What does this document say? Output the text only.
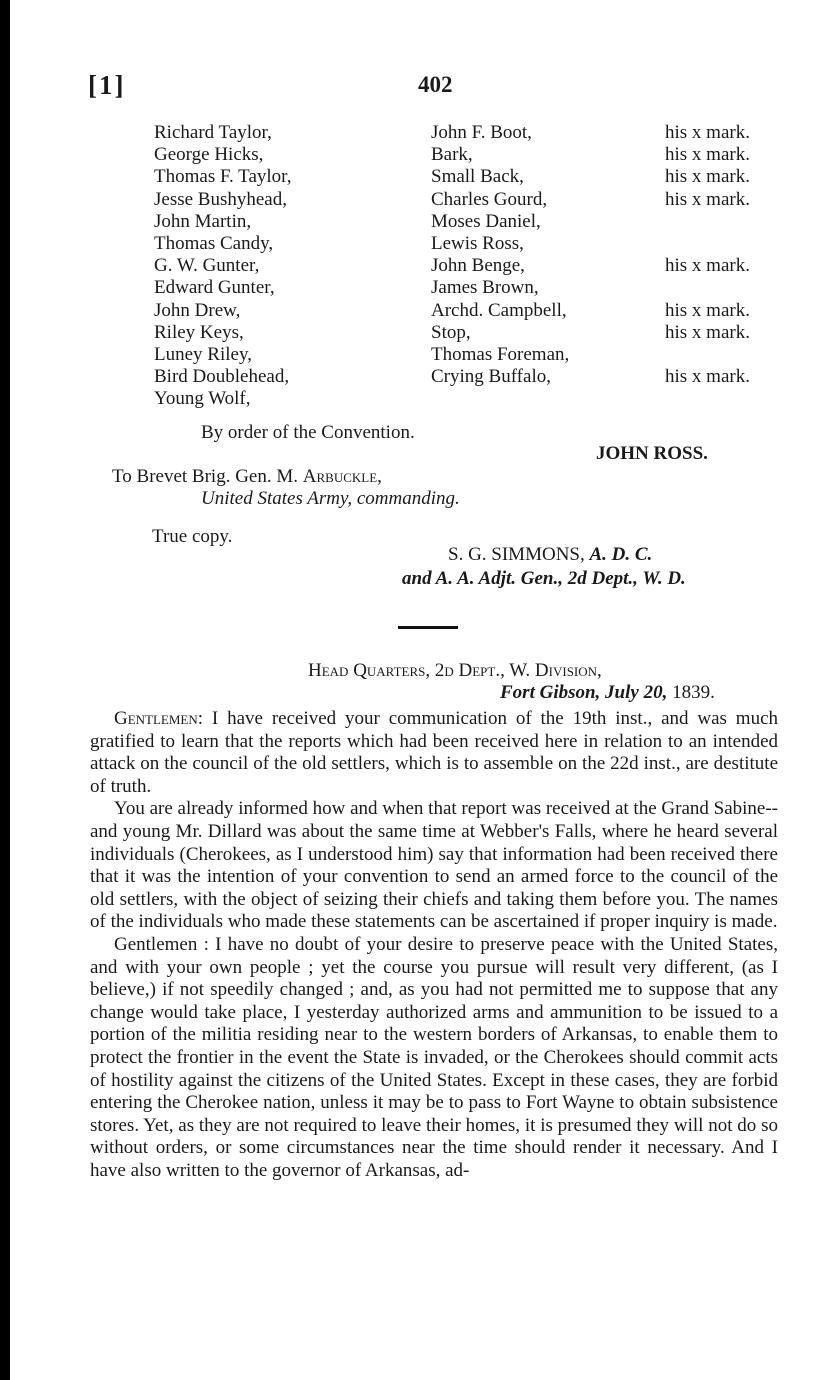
[1]	402
Richard Taylor,	John F. Boot,	his x mark.
George Hicks,	Bark,	his x mark.
Thomas F. Taylor,	Small Back,	his x mark.
Jesse Bushyhead,	Charles Gourd,	his x mark.
John Martin,	Moses Daniel,
Thomas Candy,	Lewis Ross,
G. W. Gunter,	John Benge,	his x mark.
Edward Gunter,	James Brown,
John Drew,	Archd. Campbell,	his x mark.
Riley Keys,	Stop,	his x mark.
Luney Riley,	Thomas Foreman,
Bird Doublehead,	Crying Buffalo,	his x mark.
Young Wolf,
By order of the Convention.
JOHN ROSS.
To Brevet Brig. Gen. M. Arbuckle,
United States Army, commanding.
True copy.
S. G. SIMMONS, A. D. C.
and A. A. Adjt. Gen., 2d Dept., W. D.
Head Quarters, 2d Dept., W. Division,
Fort Gibson, July 20, 1839.

Gentlemen: I have received your communication of the 19th inst., and was much gratified to learn that the reports which had been received here in relation to an intended attack on the council of the old settlers, which is to assemble on the 22d inst., are destitute of truth.

You are already informed how and when that report was received at the Grand Sabine--and young Mr. Dillard was about the same time at Webber's Falls, where he heard several individuals (Cherokees, as I understood him) say that information had been received there that it was the intention of your convention to send an armed force to the council of the old settlers, with the object of seizing their chiefs and taking them before you. The names of the individuals who made these statements can be ascertained if proper inquiry is made.

Gentlemen : I have no doubt of your desire to preserve peace with the United States, and with your own people ; yet the course you pursue will result very different, (as I believe,) if not speedily changed ; and, as you had not permitted me to suppose that any change would take place, I yesterday authorized arms and ammunition to be issued to a portion of the militia residing near to the western borders of Arkansas, to enable them to protect the frontier in the event the State is invaded, or the Cherokees should commit acts of hostility against the citizens of the United States. Except in these cases, they are forbid entering the Cherokee nation, unless it may be to pass to Fort Wayne to obtain subsistence stores. Yet, as they are not required to leave their homes, it is presumed they will not do so without orders, or some circumstances near the time should render it necessary. And I have also written to the governor of Arkansas, ad-
